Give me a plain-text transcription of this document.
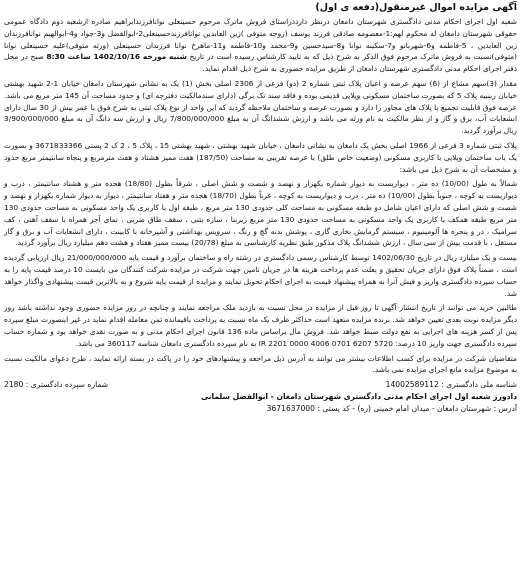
آگهی مزایده اموال غیرمنقول(دفعه ی اول)

شعبه اول اجرای احکام مدنی دادگستری شهرستان دامغان درنظر دارددراستای فروش ماترک مرحوم حسینعلی نوانافرزندابراهیم صادره ازشعبه دوم دادگاه عمومی حقوقی شهرستان دامغان له محکوم لهم:1-معصومه صادقی فرزند یوسف (زوجه متوفی )زین العابدین نوانافرزندحسینعلی2-ابوالفضل و3-جواد و4-ابوالهیم نوانافرزندان زین العابدین ، 5-فاطمه و6-شهربانو و7-سکینه نوانا و8-سیدحسین و9-محمد و10-فاطمه و11-ماهرخ نوانا فرزندان حسینعلی (ورثه متوفی)علیه حسینعلی نوانا (متوفی)نسبت به فروش ماترک مرحوم فوق الذکر به شرح ذیل که به تایید کارشناس رسیده است در تاریخ شنبه مورخه 1402/10/16 ساعت 8:30 صبح در محل دفتر اجرای احکام مدنی دادگستری شهرستان دامغان از طریق مزایده حضوری به شرح ذیل اقدام نماید.

مقدار (3)سهم مشاع از (6) سهم عرصه و اعیان پلاک ثبتی شماره 2 (دو) فرعی از 2306 اصلی بخش (1) یک به نشانی شهرستان دامغان خیابان 1-2 شهید بهشتی خیابان زینبیه پلاک 5 که بصورت ساختمان مسکونی ویلایی قدیمی بوده و فاقد سند تک برگی (دارای سندمالکیت دفترچه ای) و حدود مساحت آن 145 متر مربع می باشد. عرصه فوق قابلیت تجمیع با پلاک های مجاور را دارد و بصورت عرصه و ساختمان ملاحظه گردید که این واحد از نوع پلاک ثبتی به شرح فوق با عمر بیش از 30 سال دارای انشعابات آب، برق و گاز و از نظر مالکیت به نام ورثه می باشد و ارزش ششدانگ آن به مبلغ 7/800/000/000 ریال و ارزش سه دانگ آن به مبلغ 3/900/000/000 ریال برآورد گردید.

پلاک ثبتی شماره 3 فرعی از 1966 اصلی بخش یک دامغان به نشانی دامغان ، خیابان شهید بهشتی ، شهید بهشتی 15 ، پلاک 5 ، 2 ک 2 پستی 3671833366 و بصورت یک باب ساختمان ویلایی با کاربری مسکونی (وضعیت خاص طلق) با عرصه تقریبی به مساحت (187/50) هفت ممیز هشتاد و هفت مترمربع و پنجاه سانتیمتر مربع حدود و مشخصات آن به شرح ذیل می باشد:

شمالاً به طول (10/00) ده متر ، دیواریست به دیوار شماره یکهزار و نهصد و شصت و شش اصلی ، شرقاً بطول (18/80) هجده متر و هشتاد سانتیمتر ، درب و دیواریست به کوچه ، جنوباً بطول (10/00) ده متر ، درب و دیواریست به کوچه ، غرباً بطول (18/70) هجده متر و هفتاد سانتیمتر ، دیوار به دیوار شماره یکهزار و نهصد و شصت و شش اصلی که دارای اعیان شامل دو طبقه مسکونی به مساحت کلی حدودی 130 متر مربع ، طبقه اول با کاربری یک واحد مسکونی به مساحت حدودی 130 متر مربع طبقه همکف با کاربری یک واحد مسکونی به مساحت حدودی 130 متر مربع زیربنا ، سازه بتنی ، سقف طاق ضربی ، نمای آجر همراه با سقف آهنی ، کف سرامیک ، در و پنجره ها آلومینیوم ، سیستم گرمایش بخاری گازی ، پوشش بدنه گچ و رنگ ، سرویس بهداشتی و آشپزخانه با کابینت ، دارای انشعابات آب و برق و گاز مستقل ، با قدمت بیش از سی سال ، ارزش ششدانگ پلاک مذکور طبق نظریه کارشناسی به مبلغ (20/78) بیست ممیز هفتاد و هشت دهم میلیارد ریال برآورد گردید.

بیست و یک میلیارد ریال در تاریخ 1402/06/30 توسط کارشناس رسمی دادگستری در رشته راه و ساختمان برآورد و قیمت پایه 21/000/000/000 ریال ارزیابی گردیده است ، ضمناً پلاک فوق دارای جریان تحقیق و بعلت عدم پرداخت هزینه ها در جریان تامین جهت شرکت در مزایده شرکت کنندگان می بایست 10 درصد قیمت پایه را به حساب سپرده دادگستری واریز و فیش آنرا به همراه پیشنهاد قیمت به اجرای احکام تحویل نمایند و مزایده از قیمت پایه شروع و به بالاترین قیمت پیشنهادی واگذار خواهد شد.

طالبین خرید می توانند از تاریخ انتشار آگهی تا روز قبل از مزایده در محل نسبت به بازدید ملک مراجعه نمایند و چنانچه در روز مزایده حضوری وجود نداشته باشد روز دیگر مزایده نوبت بعدی تعیین خواهد شد. برنده مزایده متعهد است حداکثر ظرف یک ماه نسبت به پرداخت باقیمانده ثمن معامله اقدام نماید در غیر اینصورت مبلغ سپرده پس از کسر هزینه های اجرایی به نفع دولت ضبط خواهد شد. فروش مال براساس ماده 136 قانون اجرای احکام مدنی و به صورت نقدی خواهد بود و شماره حساب سپرده دادگستری جهت واریز 10 درصد: IR 2201 0000 4006 0701 6207 5720 به نام سپرده دادگستری دامغان شناسه 360117 می باشد.

متقاضیان شرکت در مزایده برای کسب اطلاعات بیشتر می توانند به آدرس ذیل مراجعه و پیشنهادهای خود را در پاکت در بسته ارائه نمایند ، طرح دعوای مالکیت نسبت به موضوع مزایده مانع اجرای مزایده نمی باشد.

شناسه ملی دادگستری : 14002589112
شماره سپرده دادگستری : 2180
دادورز شعبه اول اجرای احکام مدنی دادگستری شهرستان دامغان - ابوالفضل سلمانی
آدرس : شهرستان دامغان - میدان امام خمینی (ره) - کد پستی : 3671637000
